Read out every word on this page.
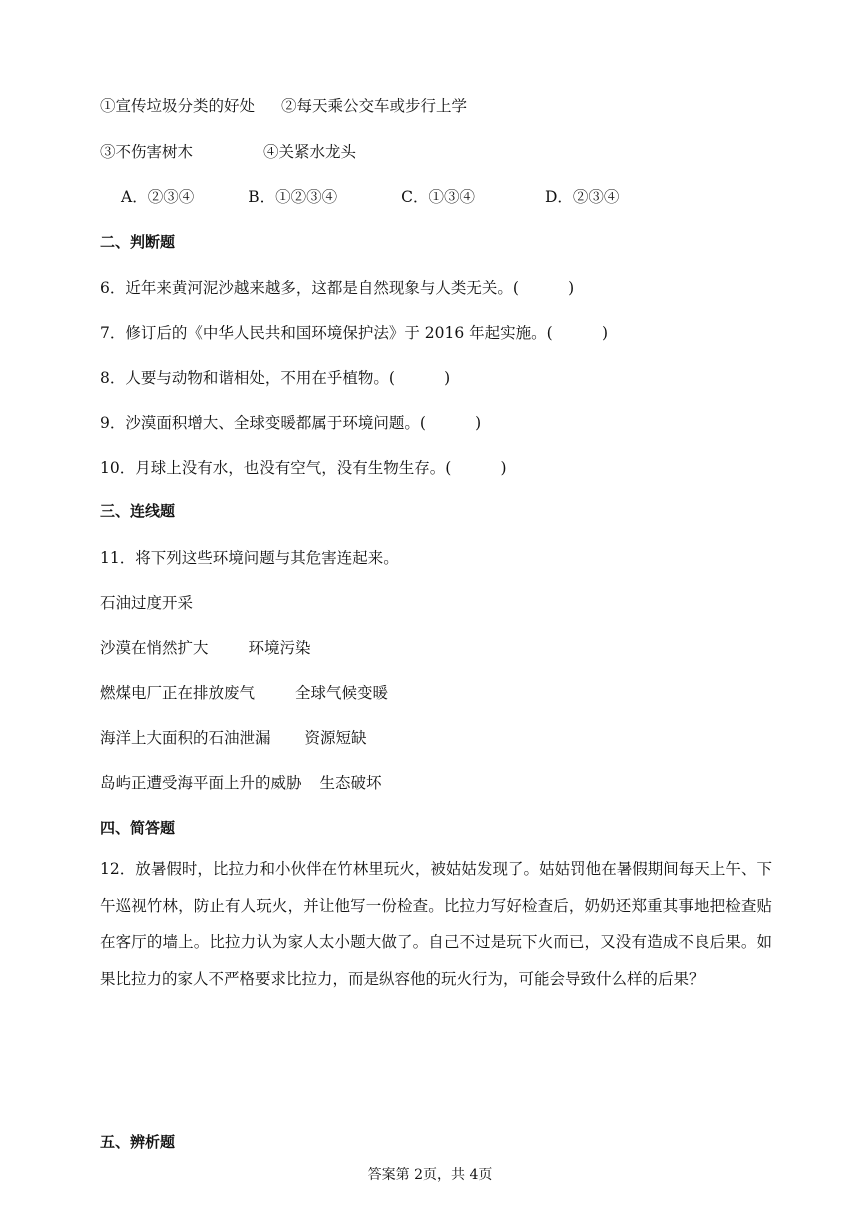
①宣传垃圾分类的好处 ②每天乘公交车或步行上学
③不伤害树木	④关紧水龙头
A．②③④	B．①②③④	C．①③④	D．②③④
二、判断题
6．近年来黄河泥沙越来越多，这都是自然现象与人类无关。(          )
7．修订后的《中华人民共和国环境保护法》于 2016 年起实施。(          )
8．人要与动物和谐相处，不用在乎植物。(          )
9．沙漠面积增大、全球变暖都属于环境问题。(          )
10．月球上没有水，也没有空气，没有生物生存。(          )
三、连线题
11．将下列这些环境问题与其危害连起来。
石油过度开采
沙漠在悄然扩大	环境污染
燃煤电厂正在排放废气	全球气候变暖
海洋上大面积的石油泄漏 资源短缺
岛屿正遭受海平面上升的威胁 生态破坏
四、简答题
12．放暑假时，比拉力和小伙伴在竹林里玩火，被姑姑发现了。姑姑罚他在暑假期间每天上午、下午巡视竹林，防止有人玩火，并让他写一份检查。比拉力写好检查后，奶奶还郑重其事地把检查贴在客厅的墙上。比拉力认为家人太小题大做了。自己不过是玩下火而已，又没有造成不良后果。如果比拉力的家人不严格要求比拉力，而是纵容他的玩火行为，可能会导致什么样的后果？
五、辨析题
答案第 2页，共 4页
